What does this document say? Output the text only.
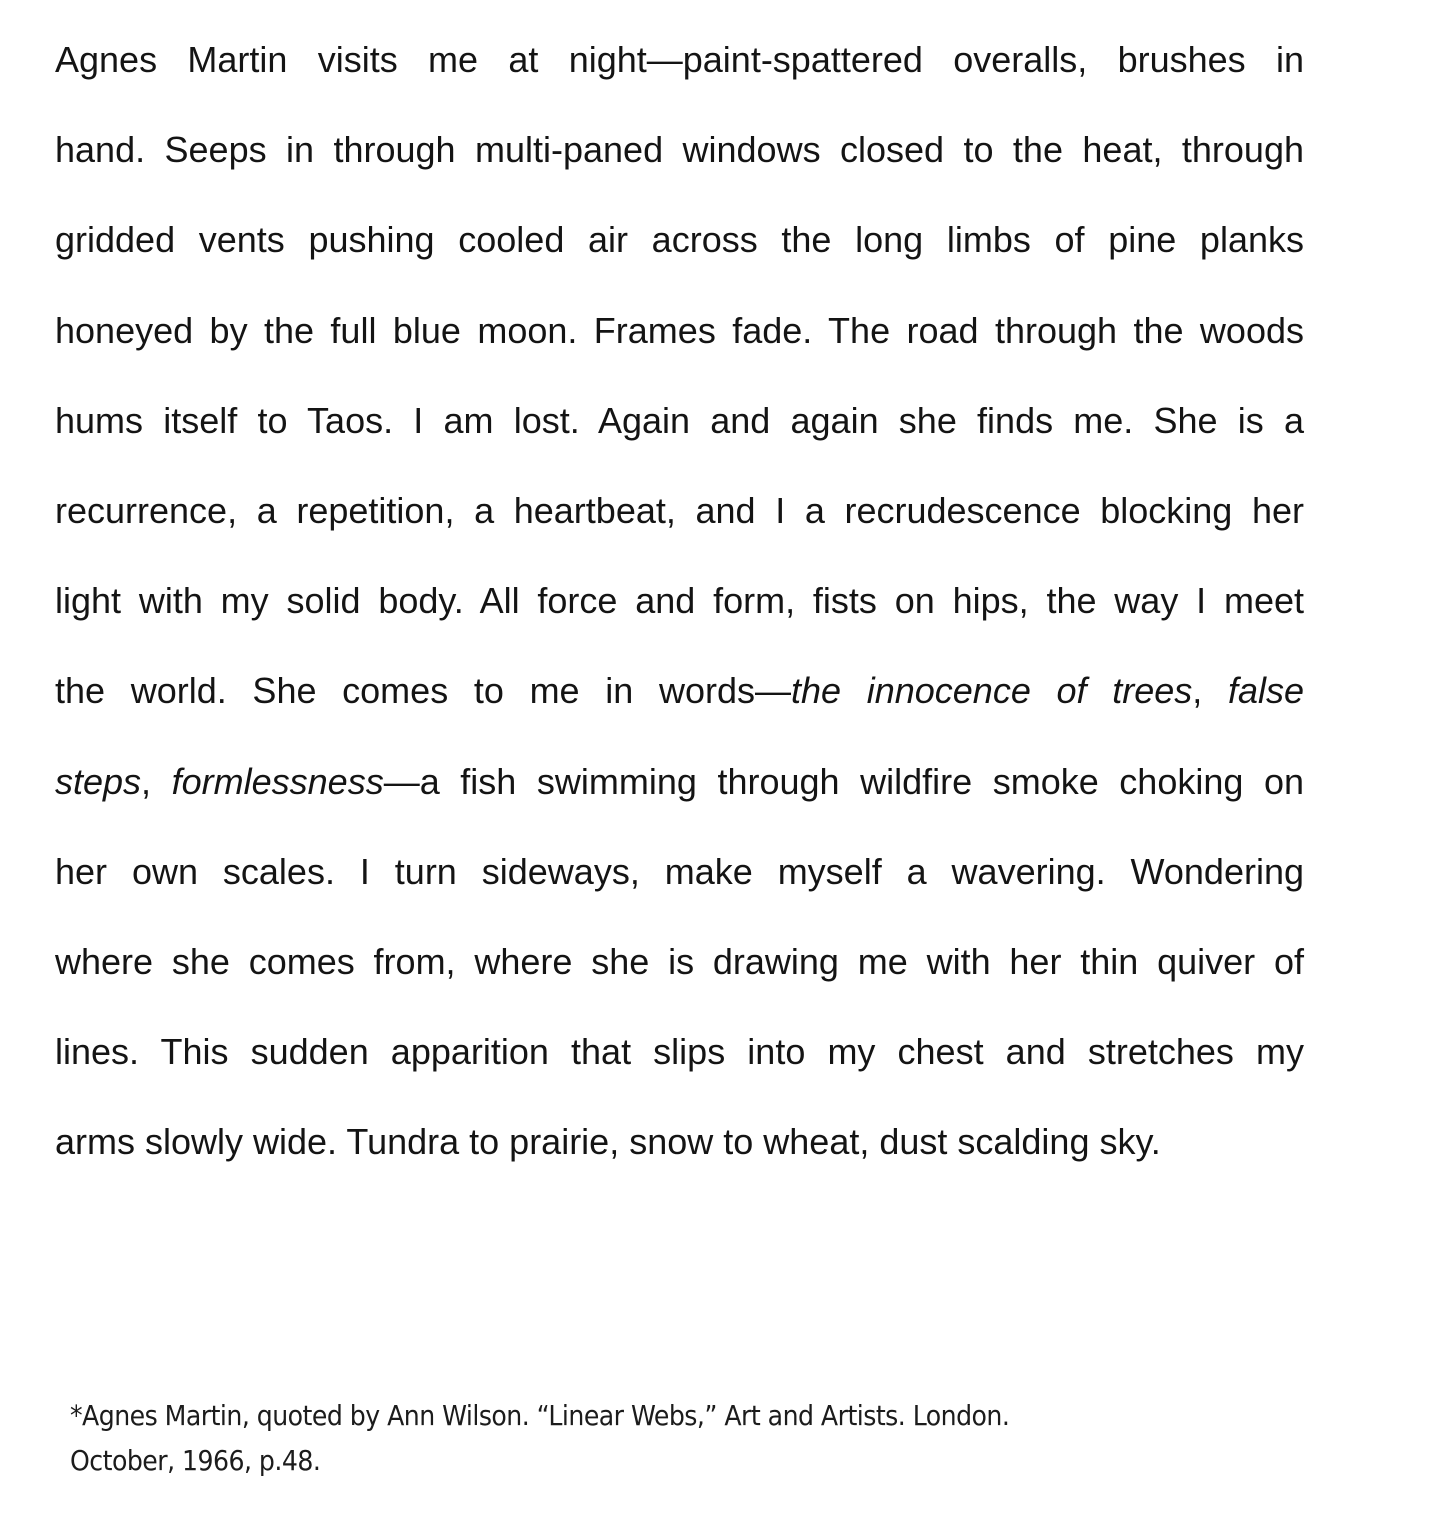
Agnes Martin visits me at night—paint-spattered overalls, brushes in
hand. Seeps in through multi-paned windows closed to the heat, through
gridded vents pushing cooled air across the long limbs of pine planks
honeyed by the full blue moon. Frames fade. The road through the woods
hums itself to Taos. I am lost. Again and again she finds me. She is a
recurrence, a repetition, a heartbeat, and I a recrudescence blocking her
light with my solid body. All force and form, fists on hips, the way I meet
the world. She comes to me in words—the innocence of trees, false
steps, formlessness—a fish swimming through wildfire smoke choking on
her own scales. I turn sideways, make myself a wavering. Wondering
where she comes from, where she is drawing me with her thin quiver of
lines. This sudden apparition that slips into my chest and stretches my
arms slowly wide. Tundra to prairie, snow to wheat, dust scalding sky.
*Agnes Martin, quoted by Ann Wilson. “Linear Webs,” Art and Artists. London.
October, 1966, p.48.
